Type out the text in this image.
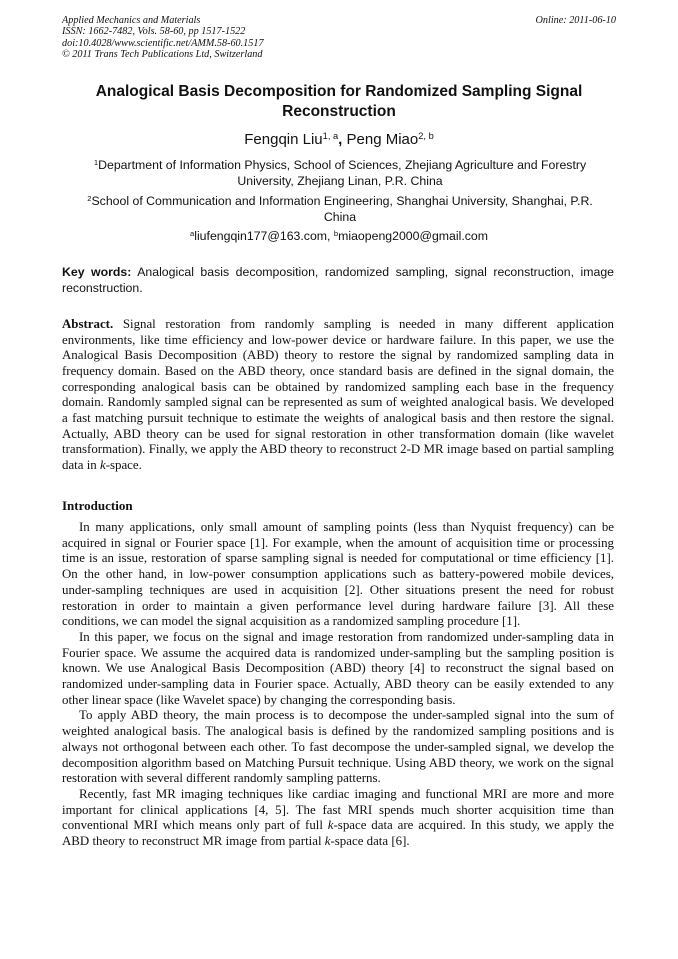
Applied Mechanics and Materials
ISSN: 1662-7482, Vols. 58-60, pp 1517-1522
doi:10.4028/www.scientific.net/AMM.58-60.1517
© 2011 Trans Tech Publications Ltd, Switzerland
Online: 2011-06-10
Analogical Basis Decomposition for Randomized Sampling Signal
Reconstruction
Fengqin Liu$^{1, a}$, Peng Miao$^{2, b}$
$^1$Department of Information Physics, School of Sciences, Zhejiang Agriculture and Forestry
University, Zhejiang Linan, P.R. China
$^2$School of Communication and Information Engineering, Shanghai University, Shanghai, P.R.
China
$^a$liufengqin177@163.com, $^b$miaopeng2000@gmail.com
Key words: Analogical basis decomposition, randomized sampling, signal reconstruction, image reconstruction.
Abstract. Signal restoration from randomly sampling is needed in many different application environments, like time efficiency and low-power device or hardware failure. In this paper, we use the Analogical Basis Decomposition (ABD) theory to restore the signal by randomized sampling data in frequency domain. Based on the ABD theory, once standard basis are defined in the signal domain, the corresponding analogical basis can be obtained by randomized sampling each base in the frequency domain. Randomly sampled signal can be represented as sum of weighted analogical basis. We developed a fast matching pursuit technique to estimate the weights of analogical basis and then restore the signal. Actually, ABD theory can be used for signal restoration in other transformation domain (like wavelet transformation). Finally, we apply the ABD theory to reconstruct 2-D MR image based on partial sampling data in k-space.
Introduction

In many applications, only small amount of sampling points (less than Nyquist frequency) can be acquired in signal or Fourier space [1]. For example, when the amount of acquisition time or processing time is an issue, restoration of sparse sampling signal is needed for computational or time efficiency [1]. On the other hand, in low-power consumption applications such as battery-powered mobile devices, under-sampling techniques are used in acquisition [2]. Other situations present the need for robust restoration in order to maintain a given performance level during hardware failure [3]. All these conditions, we can model the signal acquisition as a randomized sampling procedure [1].

In this paper, we focus on the signal and image restoration from randomized under-sampling data in Fourier space. We assume the acquired data is randomized under-sampling but the sampling position is known. We use Analogical Basis Decomposition (ABD) theory [4] to reconstruct the signal based on randomized under-sampling data in Fourier space. Actually, ABD theory can be easily extended to any other linear space (like Wavelet space) by changing the corresponding basis.

To apply ABD theory, the main process is to decompose the under-sampled signal into the sum of weighted analogical basis. The analogical basis is defined by the randomized sampling positions and is always not orthogonal between each other. To fast decompose the under-sampled signal, we develop the decomposition algorithm based on Matching Pursuit technique. Using ABD theory, we work on the signal restoration with several different randomly sampling patterns.

Recently, fast MR imaging techniques like cardiac imaging and functional MRI are more and more important for clinical applications [4, 5]. The fast MRI spends much shorter acquisition time than conventional MRI which means only part of full k-space data are acquired. In this study, we apply the ABD theory to reconstruct MR image from partial k-space data [6].
